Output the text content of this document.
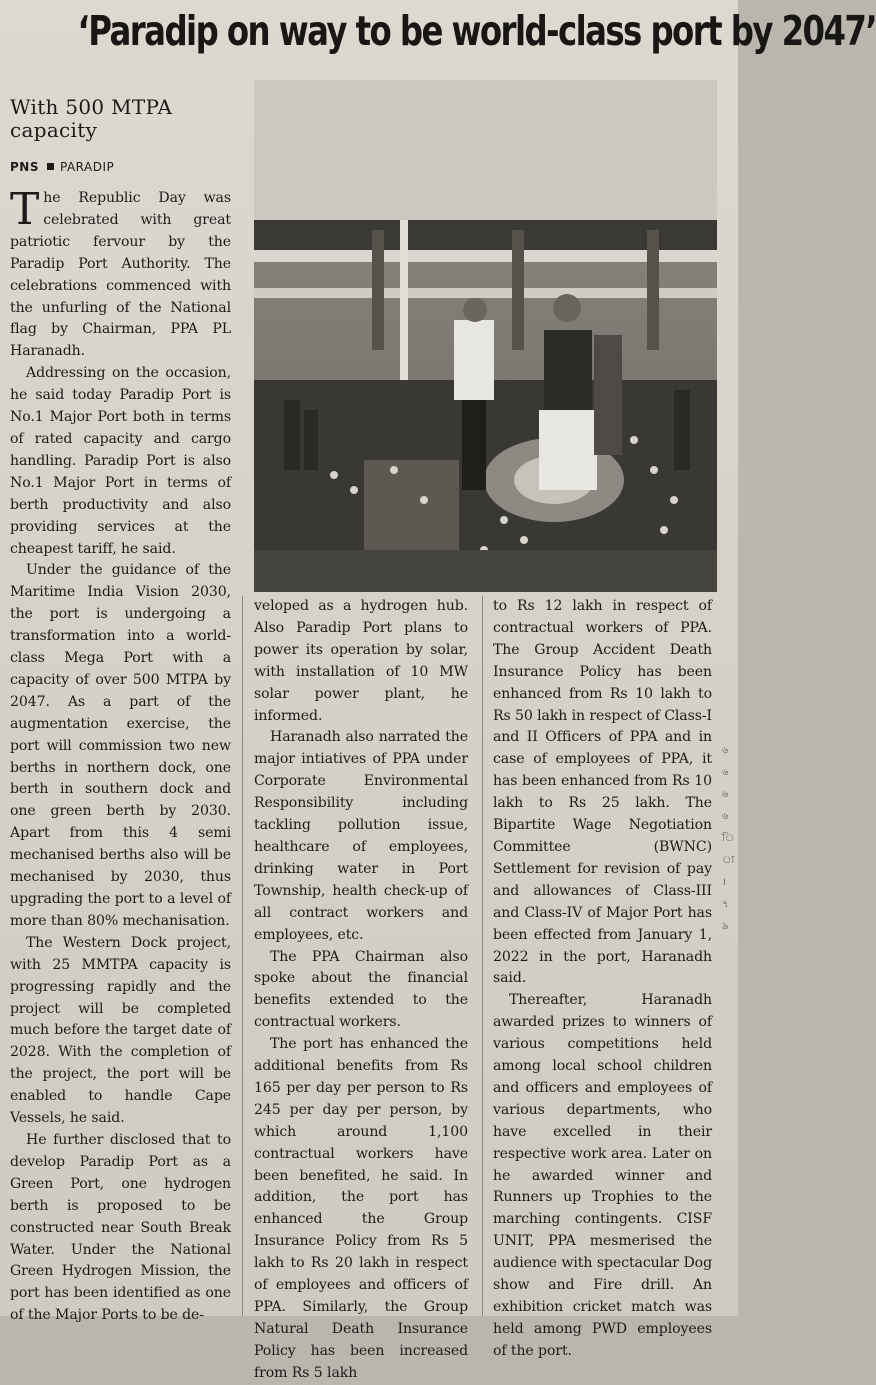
‘Paradip on way to be world-class port by 2047’
With 500 MTPA capacity
PNS PARADIP

The Republic Day was celebrated with great patriotic fervour by the Paradip Port Authority. The celebrations commenced with the unfurling of the National flag by Chairman, PPA PL Haranadh.

Addressing on the occasion, he said today Paradip Port is No.1 Major Port both in terms of rated capacity and cargo handling. Paradip Port is also No.1 Major Port in terms of berth productivity and also providing services at the cheapest tariff, he said.

Under the guidance of the Maritime India Vision 2030, the port is undergoing a transformation into a world-class Mega Port with a capacity of over 500 MTPA by 2047. As a part of the augmentation exercise, the port will commission two new berths in northern dock, one berth in southern dock and one green berth by 2030. Apart from this 4 semi mechanised berths also will be mechanised by 2030, thus upgrading the port to a level of more than 80% mechanisation.

The Western Dock project, with 25 MMTPA capacity is progressing rapidly and the project will be completed much before the target date of 2028. With the completion of the project, the port will be enabled to handle Cape Vessels, he said.

He further disclosed that to develop Paradip Port as a Green Port, one hydrogen berth is proposed to be constructed near South Break Water. Under the National Green Hydrogen Mission, the port has been identified as one of the Major Ports to be de-

veloped as a hydrogen hub. Also Paradip Port plans to power its operation by solar, with installation of 10 MW solar power plant, he informed.

Haranadh also narrated the major intiatives of PPA under Corporate Environmental Responsibility including tackling pollution issue, healthcare of employees, drinking water in Port Township, health check-up of all contract workers and employees, etc.

The PPA Chairman also spoke about the financial benefits extended to the contractual workers.

The port has enhanced the additional benefits from Rs 165 per day per person to Rs 245 per day per person, by which around 1,100 contractual workers have been benefited, he said. In addition, the port has enhanced the Group Insurance Policy from Rs 5 lakh to Rs 20 lakh in respect of employees and officers of PPA. Similarly, the Group Natural Death Insurance Policy has been increased from Rs 5 lakh

to Rs 12 lakh in respect of contractual workers of PPA. The Group Accident Death Insurance Policy has been enhanced from Rs 10 lakh to Rs 50 lakh in respect of Class-I and II Officers of PPA and in case of employees of PPA, it has been enhanced from Rs 10 lakh to Rs 25 lakh. The Bipartite Wage Negotiation Committee (BWNC) Settlement for revision of pay and allowances of Class-III and Class-IV of Major Port has been effected from January 1, 2022 in the port, Haranadh said.

Thereafter, Haranadh awarded prizes to winners of various competitions held among local school children and officers and employees of various departments, who have excelled in their respective work area. Later on he awarded winner and Runners up Trophies to the marching contingents. CISF UNIT, PPA mesmerised the audience with spectacular Dog show and Fire drill. An exhibition cricket match was held among PWD employees of the port.

৬
৬
৬
৬
ি
া
।
৭
৯
